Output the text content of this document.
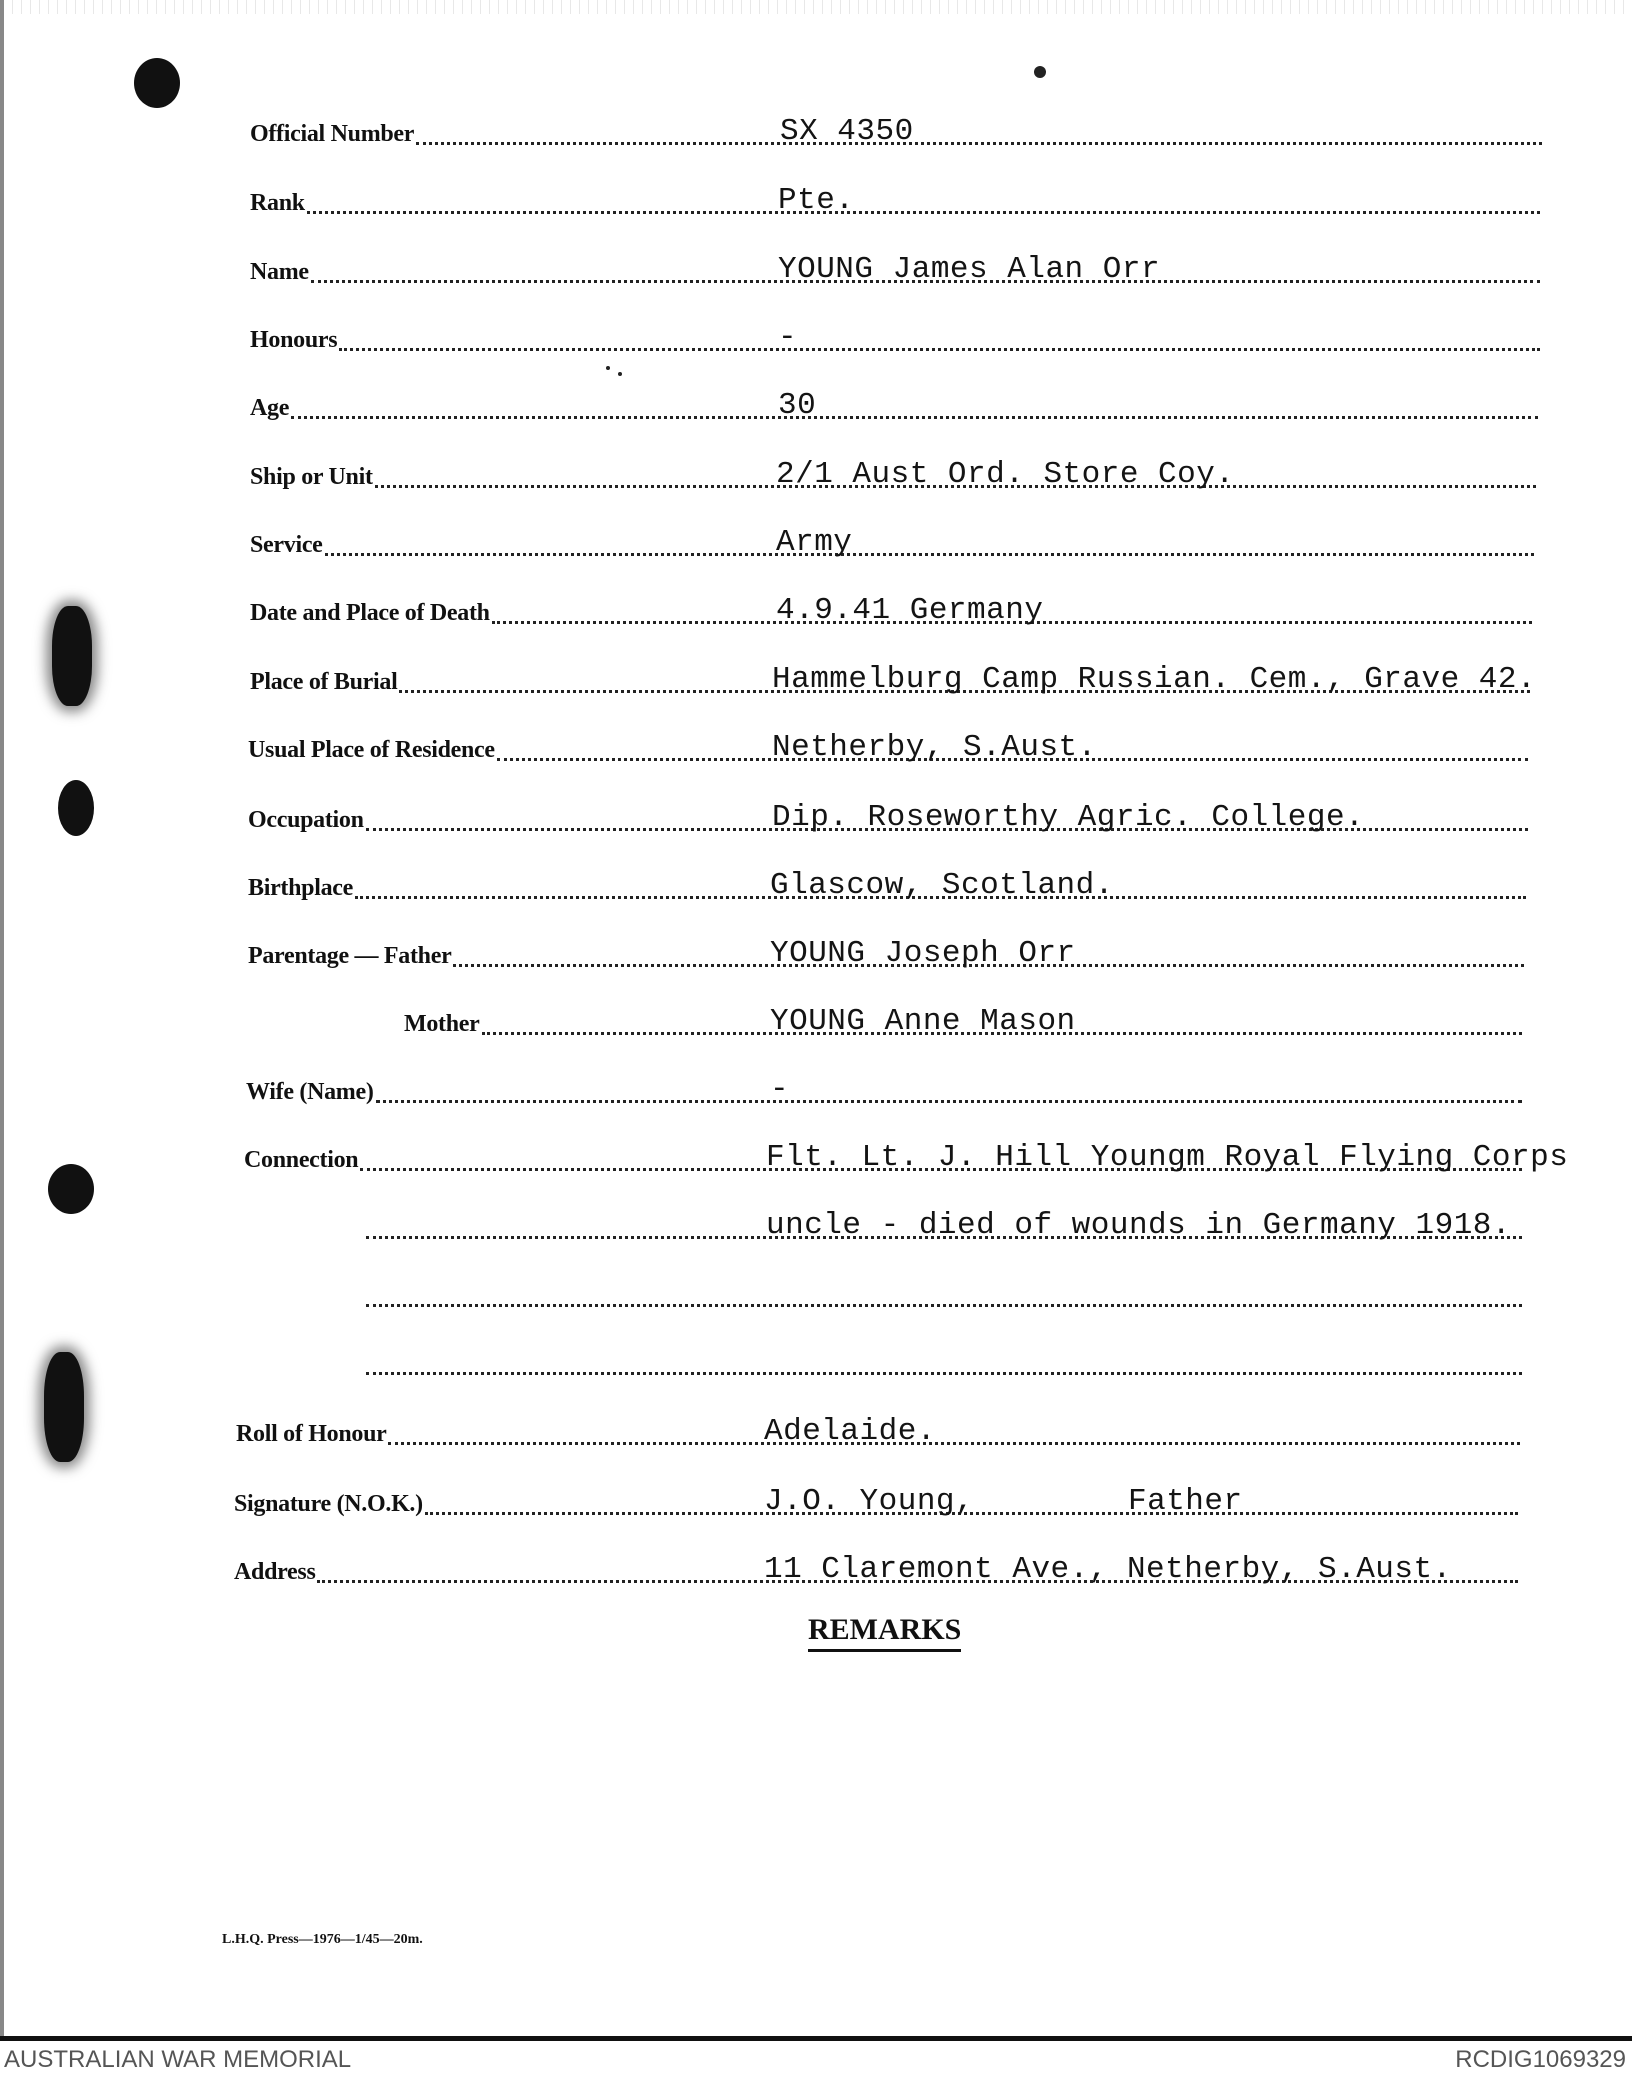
Official Number	SX 4350
Rank	Pte.
Name	YOUNG James Alan Orr
Honours	-
Age	30
Ship or Unit	2/1 Aust Ord. Store Coy.
Service	Army
Date and Place of Death	4.9.41 Germany
Place of Burial	Hammelburg Camp Russian. Cem., Grave 42.
Usual Place of Residence	Netherby, S.Aust.
Occupation	Dip. Roseworthy Agric. College.
Birthplace	Glascow, Scotland.
Parentage — Father	YOUNG Joseph Orr
Mother	YOUNG Anne Mason
Wife (Name)	-
Connection	Flt. Lt. J. Hill Youngm Royal Flying Corps
uncle - died of wounds in Germany 1918.
Roll of Honour	Adelaide.
Signature (N.O.K.)	J.O. Young,	Father
Address	11 Claremont Ave., Netherby, S.Aust.
REMARKS
L.H.Q. Press—1976—1/45—20m.
AUSTRALIAN WAR MEMORIAL	RCDIG1069329
